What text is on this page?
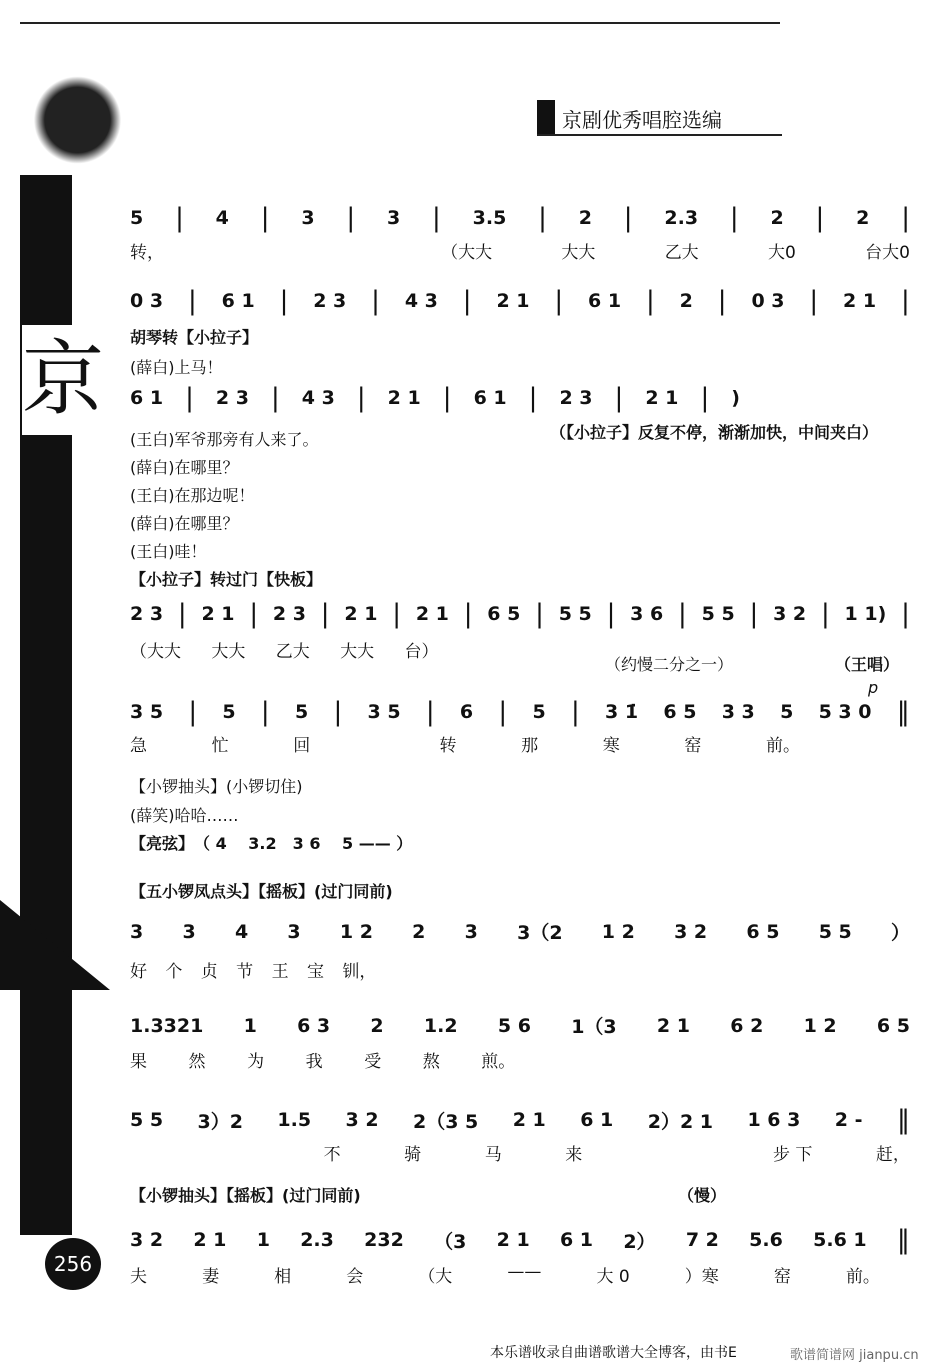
京剧优秀唱腔选编
京
256
5 | 4 | 3 | 3 | 3.5 | 2 | 2.3 | 2 | 2 |
转，	（大大	大大	乙大	大0	台大0
0 3 | 6 1 | 2 3 | 4 3 | 2 1 | 6 1 | 2 | 0 3 | 2 1 |
胡琴转【小拉子】
(薛白)上马！
6 1 | 2 3 | 4 3 | 2 1 | 6 1 | 2 3 | 2 1 | )
（【小拉子】反复不停，渐渐加快，中间夹白）
(王白)军爷那旁有人来了。
(薛白)在哪里？
(王白)在那边呢！
(薛白)在哪里？
(王白)哇！
【小拉子】转过门【快板】
2 3 | 2 1 | 2 3 | 2 1 | 2 1 | 6 5 | 5 5 | 3 6 | 5 5 | 3 2 | 1 1) |
（大大 大大 乙大 大大 台）
（约慢二分之一）	（王唱）
p
3 5 | 5 | 5 | 3 5 | 6 | 5 | 3 1̇ 6 5 3 3 5 5 3 0 ‖
急	忙	回	转	那	寒	窑	前。
【小锣抽头】(小锣切住)
(薛笑)哈哈……
【亮弦】　（ 4　 3.2　3 6　 5 —— ）
【五小锣凤点头】【摇板】(过门同前)
3 3 4 3 1 2 2 3 3（2 1 2 3 2 6 5 5 5 ）
好 个 贞 节 王 宝 钏，
1.3321 1 6 3 2 1.2 5 6 1（3 2 1 6 2 1 2 6 5
果 然 为 我 受 熬 煎。
5 5 3）2 1.5 3 2 2（3 5 2 1 6 1 2）2 1 1 6 3 2 - ‖
不	骑	马	来	步 下	赶，
【小锣抽头】【摇板】(过门同前)	（慢）
3 2 2 1 1 2.3 232 （3 2 1 6 1 2） 7 2 5.6 5.6 1 ‖
夫	妻	相	会	（大	——	大 0	）寒	窑	前。
本乐谱收录自曲谱歌谱大全博客，由书E	歌谱简谱网 jianpu.cn
